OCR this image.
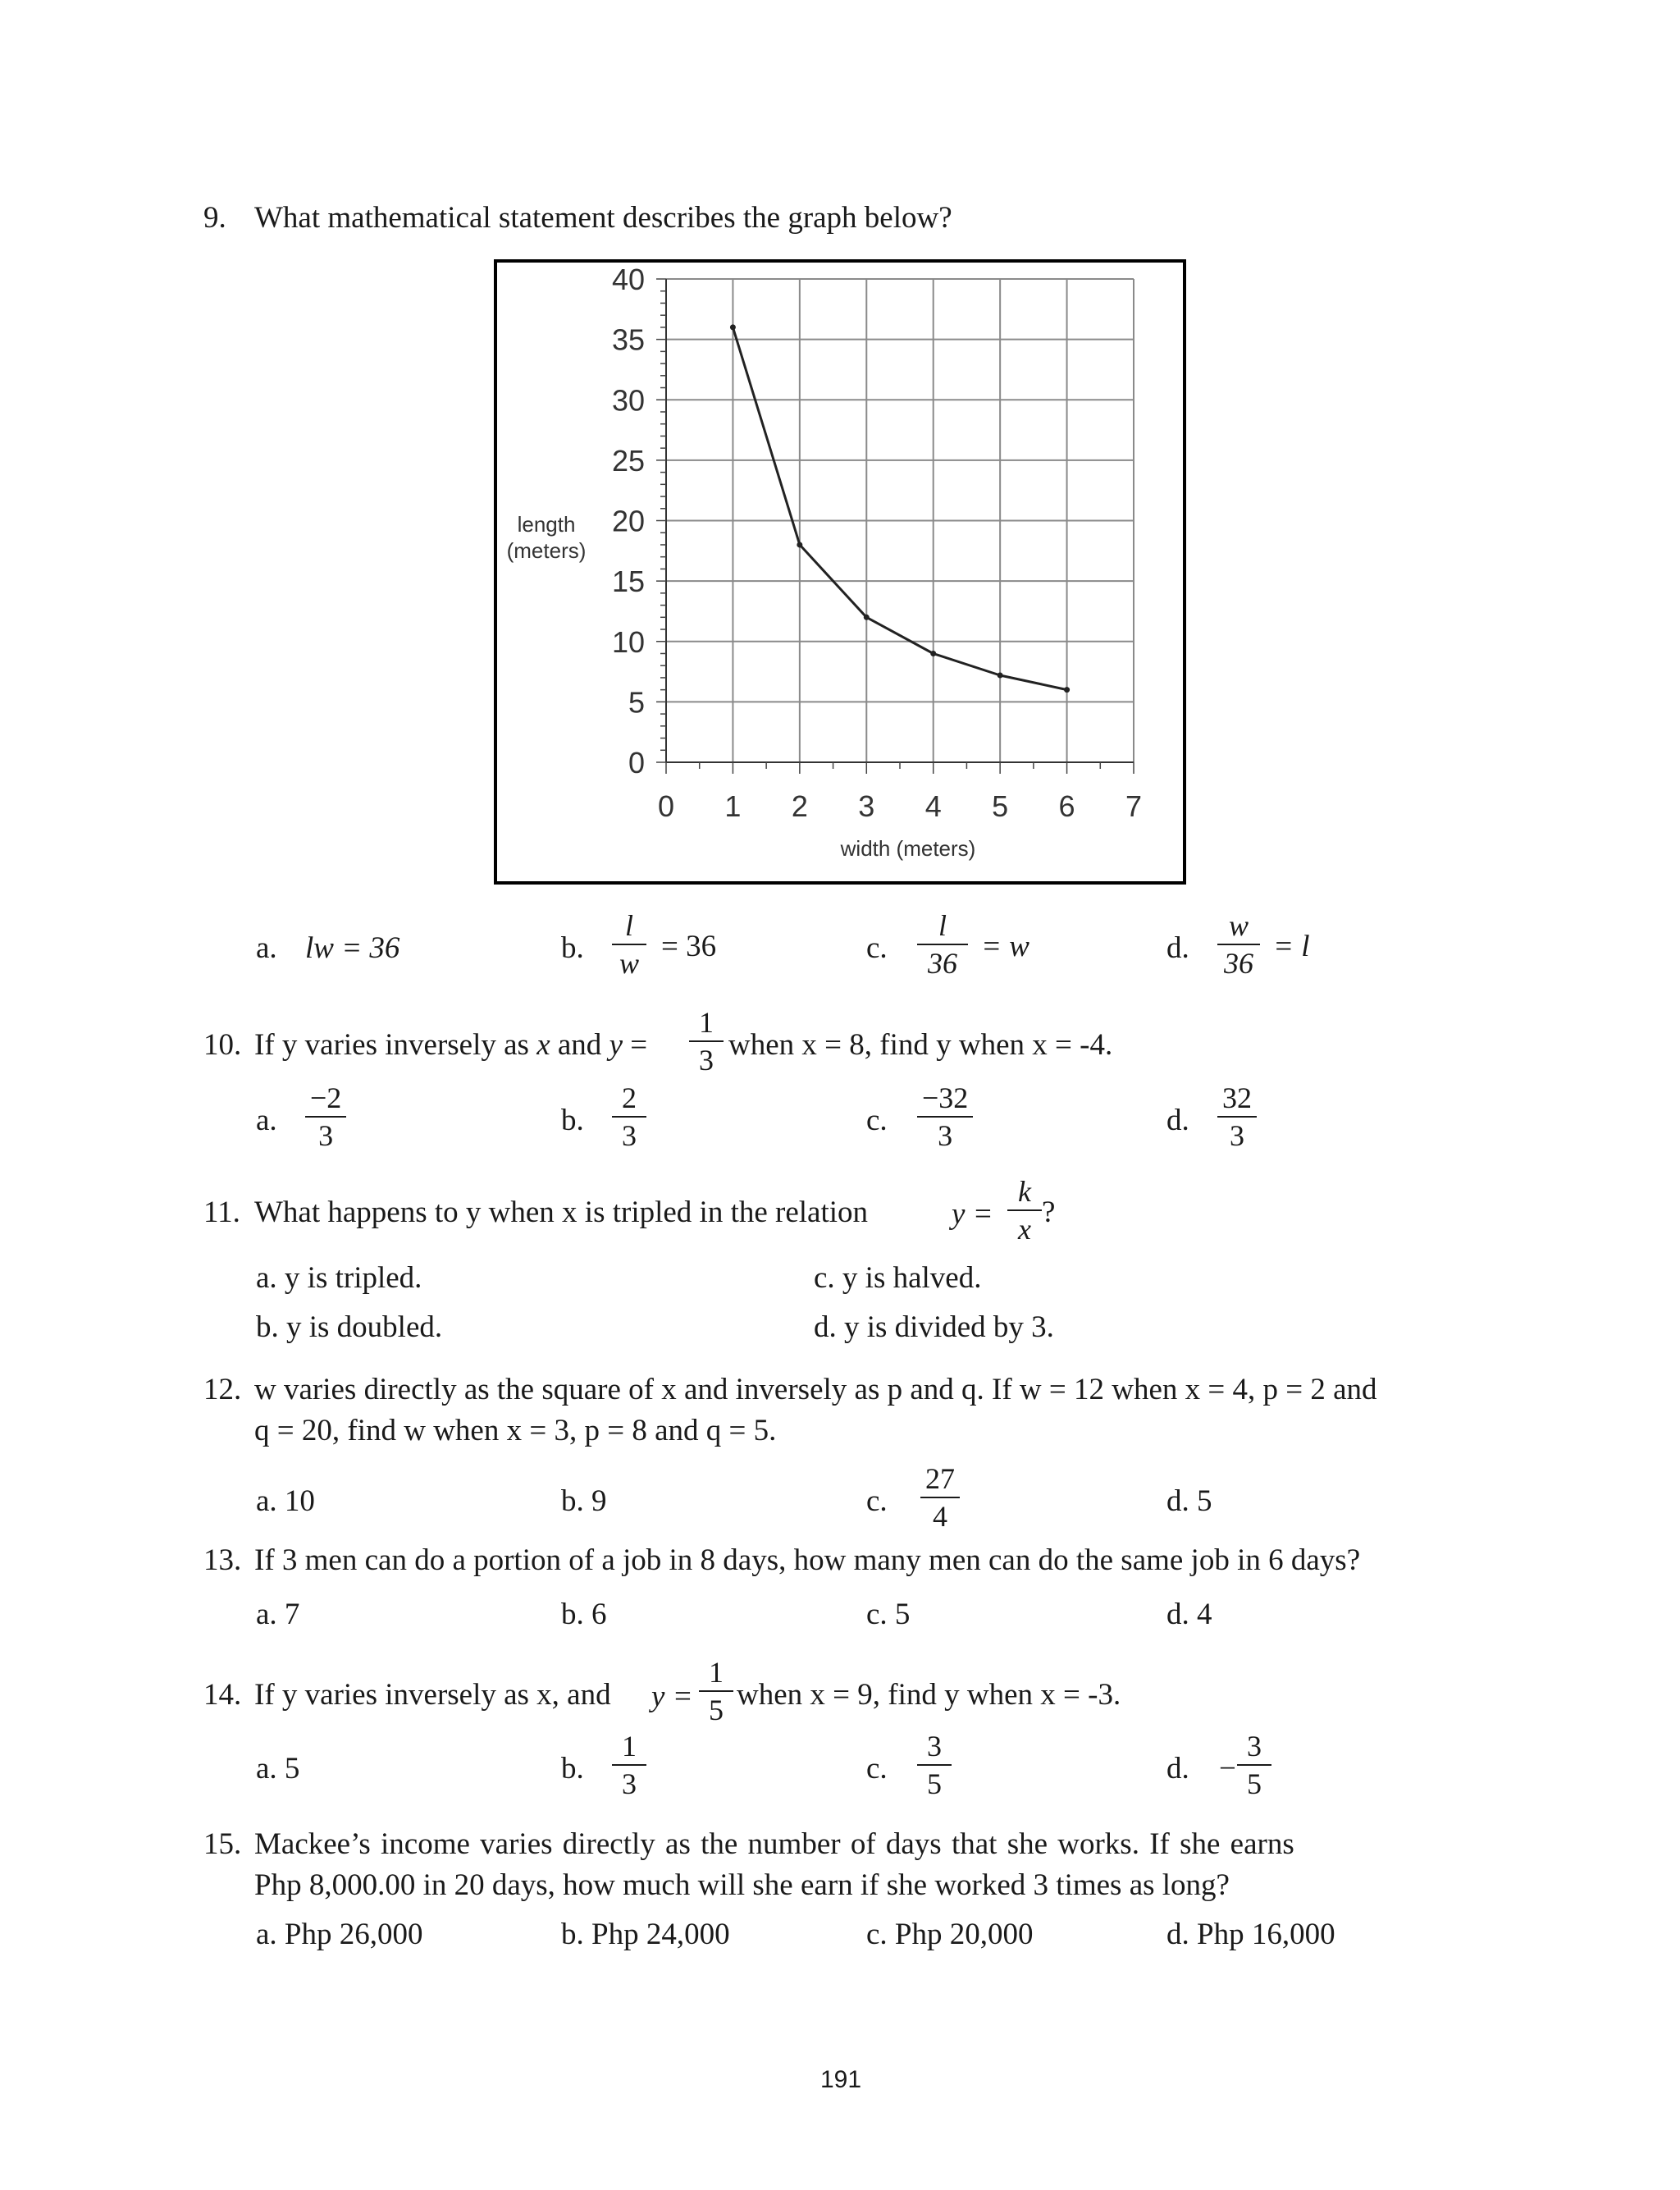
9. What mathematical statement describes the graph below?
0
5
10
15
20
25
30
35
40
0 1 2 3 4 5 6 7
width (meters)
length
(meters)
a. lw = 36	b. $\frac{l}{w} = 36$	c. $\frac{l}{36} = w$	d. $\frac{w}{36} = l$
10. If y varies inversely as x and $y = \frac{1}{3}$ when x = 8, find y when x = -4.
a. $\frac{-2}{3}$	b. $\frac{2}{3}$	c. $\frac{-32}{3}$	d. $\frac{32}{3}$
11. What happens to y when x is tripled in the relation	$y = \frac{k}{x}$ ?
a. y is tripled.
b. y is doubled.
c. y is halved.
d. y is divided by 3.
12. w varies directly as the square of x and inversely as p and q. If w = 12 when x = 4, p = 2 and
q = 20, find w when x = 3, p = 8 and q = 5.
a. 10	b. 9	c. $\frac{27}{4}$	d. 5
13. If 3 men can do a portion of a job in 8 days, how many men can do the same job in 6 days?
a. 7	b. 6	c. 5	d. 4
14. If y varies inversely as x, and $y = \frac{1}{5}$ when x = 9, find y when x = -3.
a. 5	b. $\frac{1}{3}$	c. $\frac{3}{5}$	d. − $\frac{3}{5}$
15. Mackee’s income varies directly as the number of days that she works. If she earns
Php 8,000.00 in 20 days, how much will she earn if she worked 3 times as long?
a. Php 26,000	b. Php 24,000	c. Php 20,000	d. Php 16,000
191
